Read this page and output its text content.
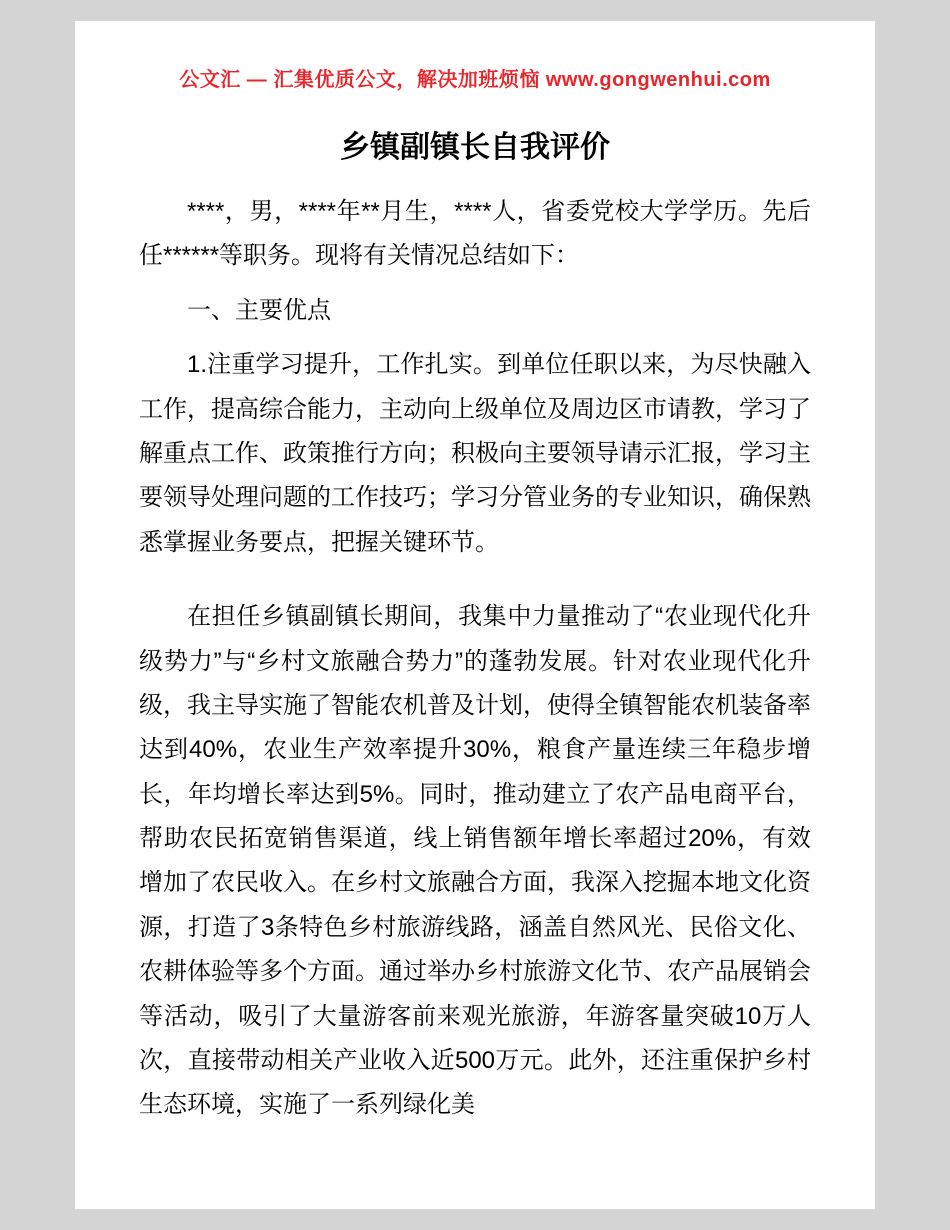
公文汇 — 汇集优质公文，解决加班烦恼 www.gongwenhui.com
乡镇副镇长自我评价

****，男，****年**月生，****人，省委党校大学学历。先后任******等职务。现将有关情况总结如下：

一、主要优点

1.注重学习提升，工作扎实。到单位任职以来，为尽快融入工作，提高综合能力，主动向上级单位及周边区市请教，学习了解重点工作、政策推行方向；积极向主要领导请示汇报，学习主要领导处理问题的工作技巧；学习分管业务的专业知识，确保熟悉掌握业务要点，把握关键环节。

在担任乡镇副镇长期间，我集中力量推动了“农业现代化升级势力”与“乡村文旅融合势力”的蓬勃发展。针对农业现代化升级，我主导实施了智能农机普及计划，使得全镇智能农机装备率达到40%，农业生产效率提升30%，粮食产量连续三年稳步增长，年均增长率达到5%。同时，推动建立了农产品电商平台，帮助农民拓宽销售渠道，线上销售额年增长率超过20%，有效增加了农民收入。在乡村文旅融合方面，我深入挖掘本地文化资源，打造了3条特色乡村旅游线路，涵盖自然风光、民俗文化、农耕体验等多个方面。通过举办乡村旅游文化节、农产品展销会等活动，吸引了大量游客前来观光旅游，年游客量突破10万人次，直接带动相关产业收入近500万元。此外，还注重保护乡村生态环境，实施了一系列绿化美
